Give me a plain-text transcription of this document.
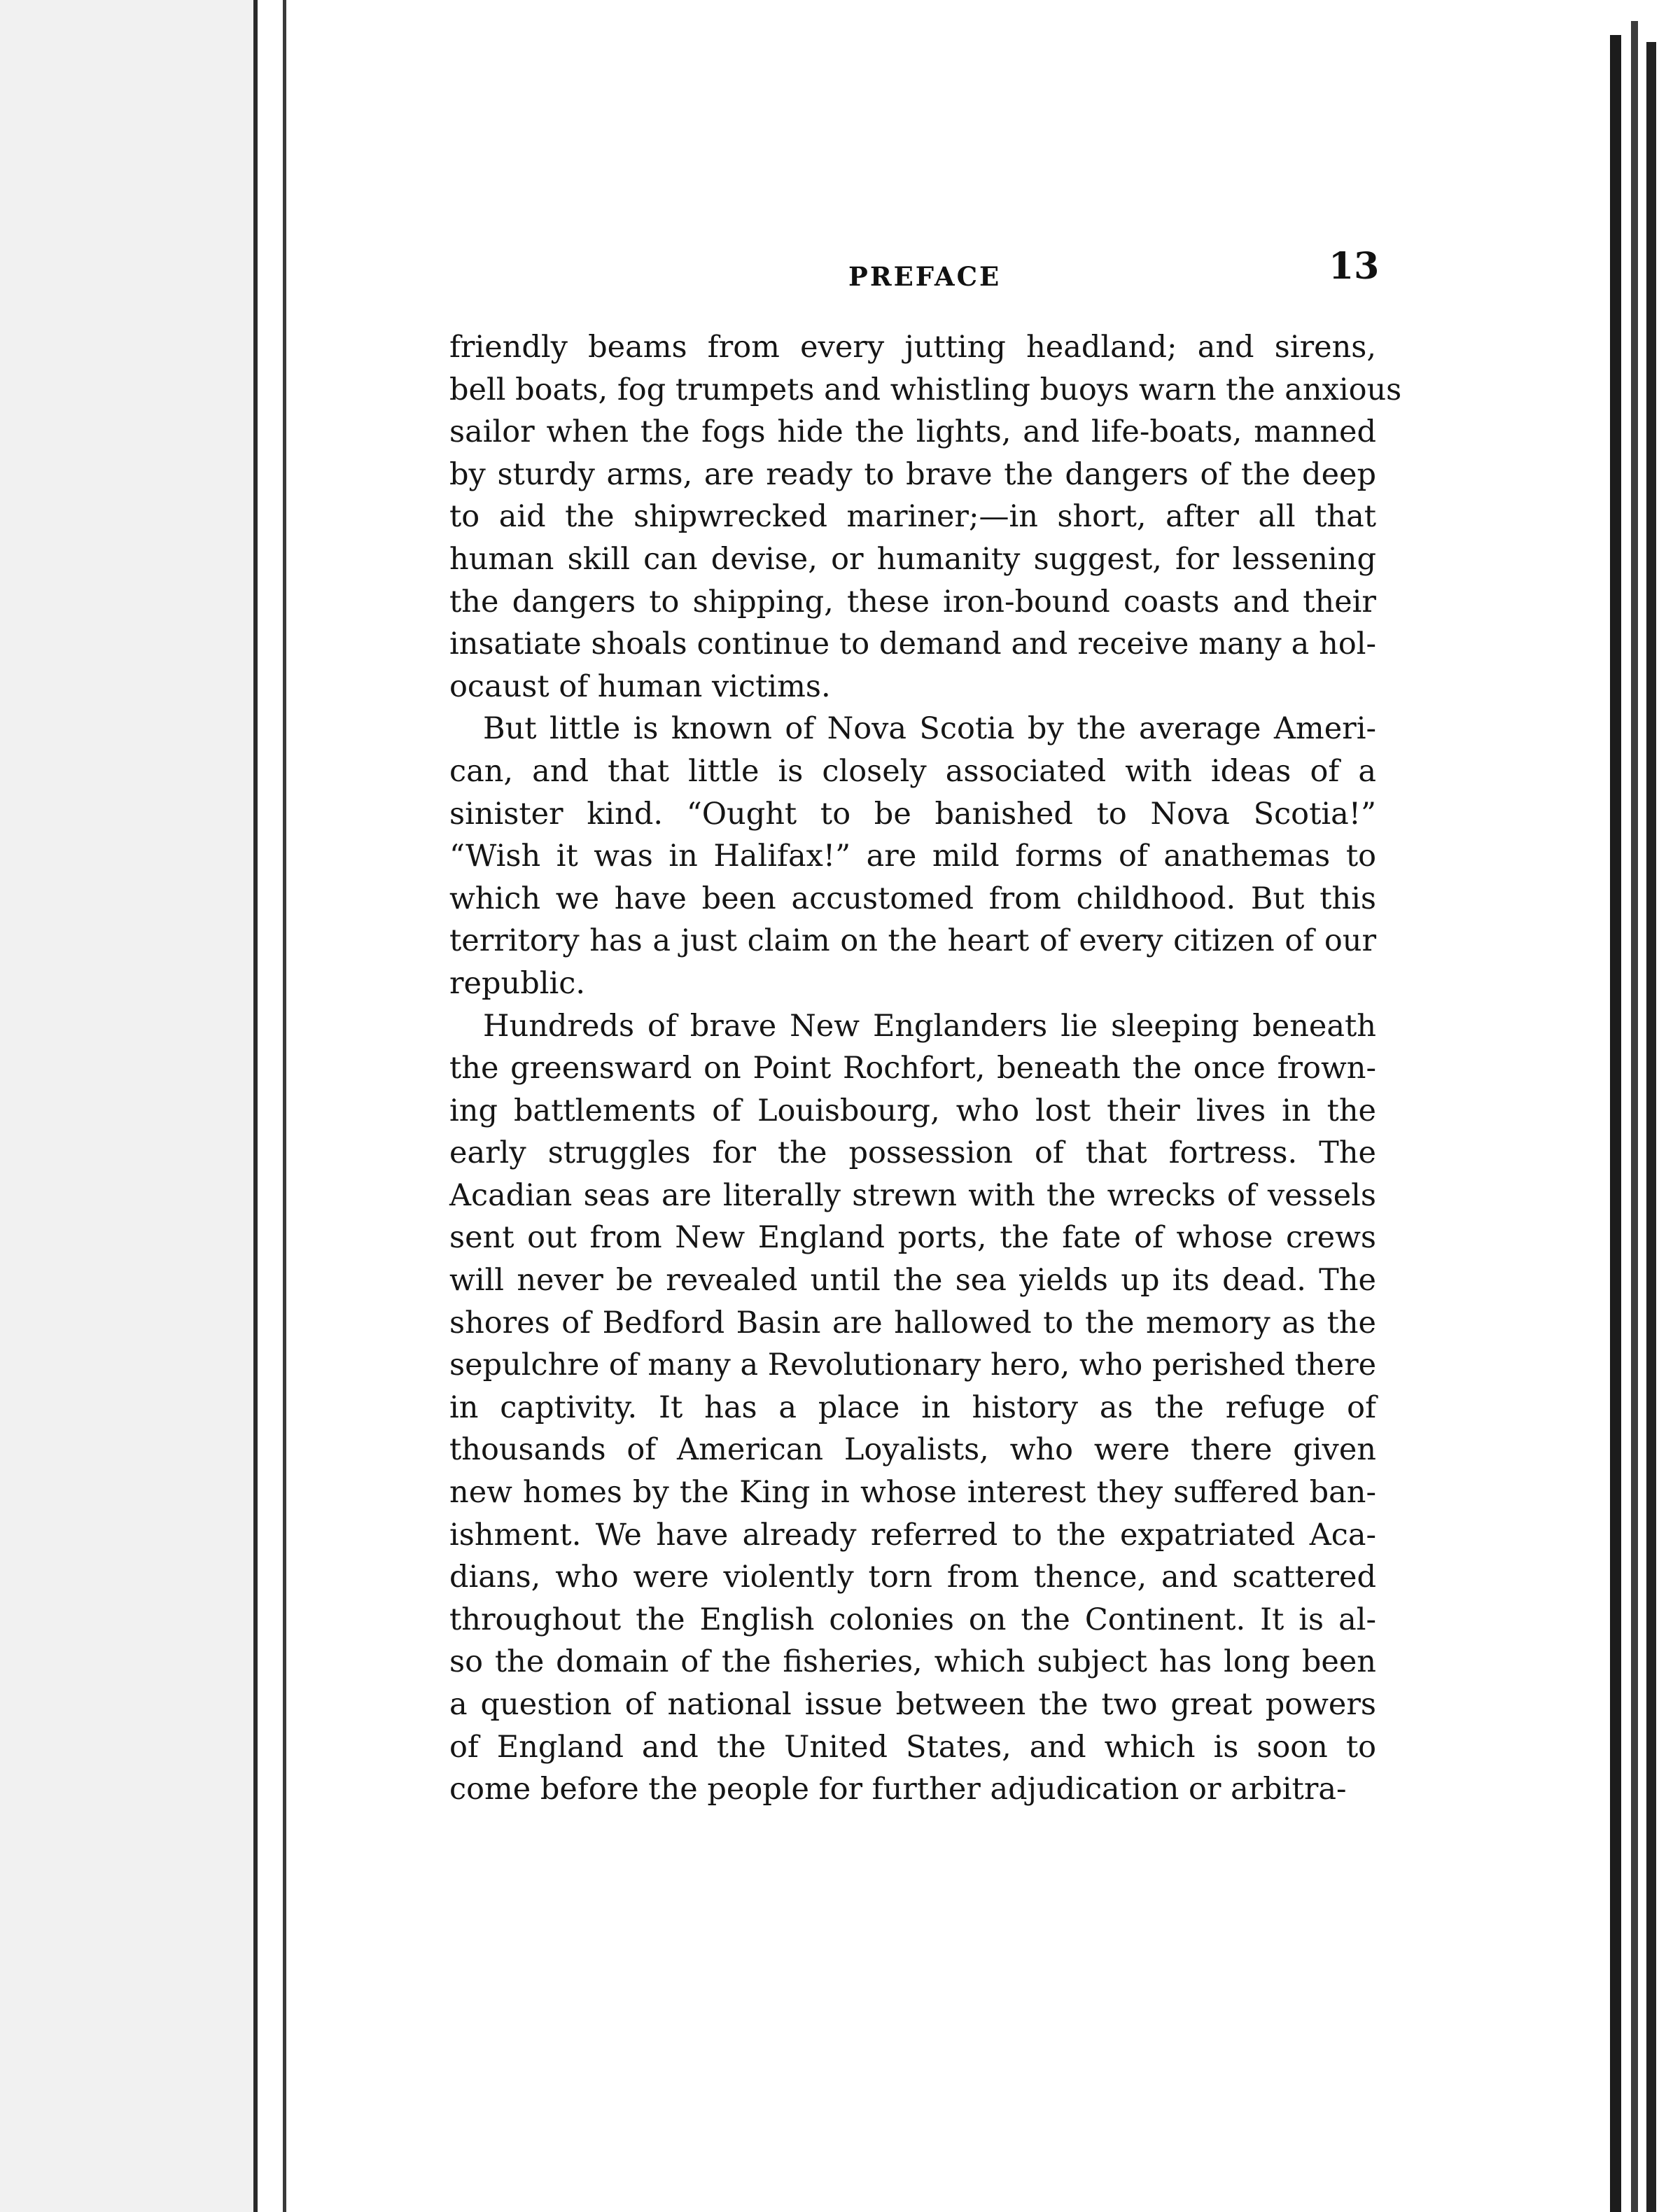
PREFACE	13
friendly beams from every jutting headland; and sirens,
bell boats, fog trumpets and whistling buoys warn the anxious
sailor when the fogs hide the lights, and life-boats, manned
by sturdy arms, are ready to brave the dangers of the deep
to aid the shipwrecked mariner;—in short, after all that
human skill can devise, or humanity suggest, for lessening
the dangers to shipping, these iron-bound coasts and their
insatiate shoals continue to demand and receive many a hol-
ocaust of human victims.
But little is known of Nova Scotia by the average Ameri-
can, and that little is closely associated with ideas of a
sinister kind. “Ought to be banished to Nova Scotia!”
“Wish it was in Halifax!” are mild forms of anathemas to
which we have been accustomed from childhood. But this
territory has a just claim on the heart of every citizen of our
republic.
Hundreds of brave New Englanders lie sleeping beneath
the greensward on Point Rochfort, beneath the once frown-
ing battlements of Louisbourg, who lost their lives in the
early struggles for the possession of that fortress. The
Acadian seas are literally strewn with the wrecks of vessels
sent out from New England ports, the fate of whose crews
will never be revealed until the sea yields up its dead. The
shores of Bedford Basin are hallowed to the memory as the
sepulchre of many a Revolutionary hero, who perished there
in captivity. It has a place in history as the refuge of
thousands of American Loyalists, who were there given
new homes by the King in whose interest they suffered ban-
ishment. We have already referred to the expatriated Aca-
dians, who were violently torn from thence, and scattered
throughout the English colonies on the Continent. It is al-
so the domain of the fisheries, which subject has long been
a question of national issue between the two great powers
of England and the United States, and which is soon to
come before the people for further adjudication or arbitra-
